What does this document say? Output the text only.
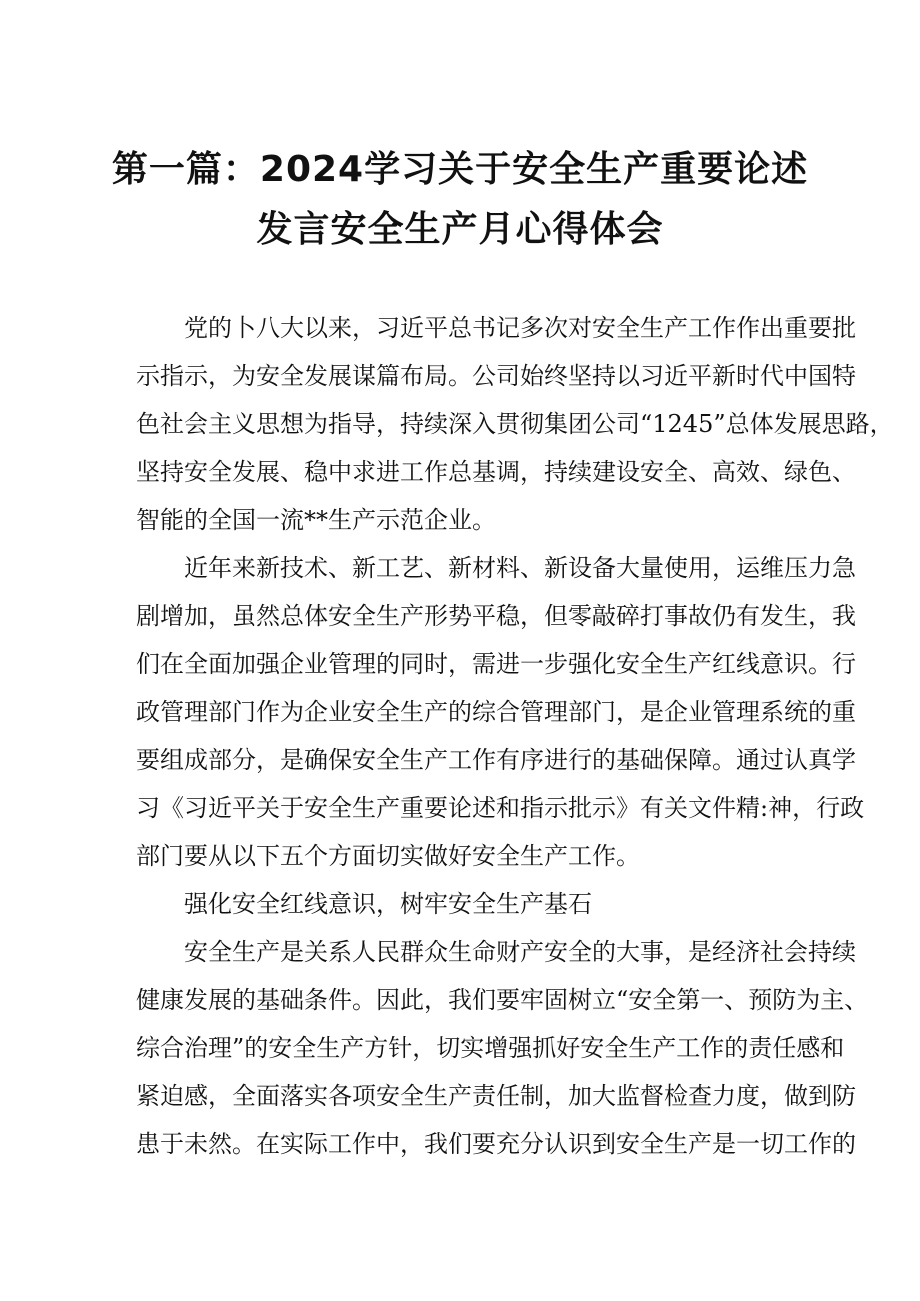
第一篇：2024学习关于安全生产重要论述
发言安全生产月心得体会
党的卜八大以来，习近平总书记多次对安全生产工作作出重要批
示指示，为安全发展谋篇布局。公司始终坚持以习近平新时代中国特
色社会主义思想为指导，持续深入贯彻集团公司“1245”总体发展思路，
坚持安全发展、稳中求进工作总基调，持续建设安全、高效、绿色、
智能的全国一流**生产示范企业。
近年来新技术、新工艺、新材料、新设备大量使用，运维压力急
剧增加，虽然总体安全生产形势平稳，但零敲碎打事故仍有发生，我
们在全面加强企业管理的同时，需进一步强化安全生产红线意识。行
政管理部门作为企业安全生产的综合管理部门，是企业管理系统的重
要组成部分，是确保安全生产工作有序进行的基础保障。通过认真学
习《习近平关于安全生产重要论述和指示批示》有关文件精:神，行政
部门要从以下五个方面切实做好安全生产工作。
强化安全红线意识，树牢安全生产基石
安全生产是关系人民群众生命财产安全的大事，是经济社会持续
健康发展的基础条件。因此，我们要牢固树立“安全第一、预防为主、
综合治理”的安全生产方针，切实增强抓好安全生产工作的责任感和
紧迫感，全面落实各项安全生产责任制，加大监督检查力度，做到防
患于未然。在实际工作中，我们要充分认识到安全生产是一切工作的
